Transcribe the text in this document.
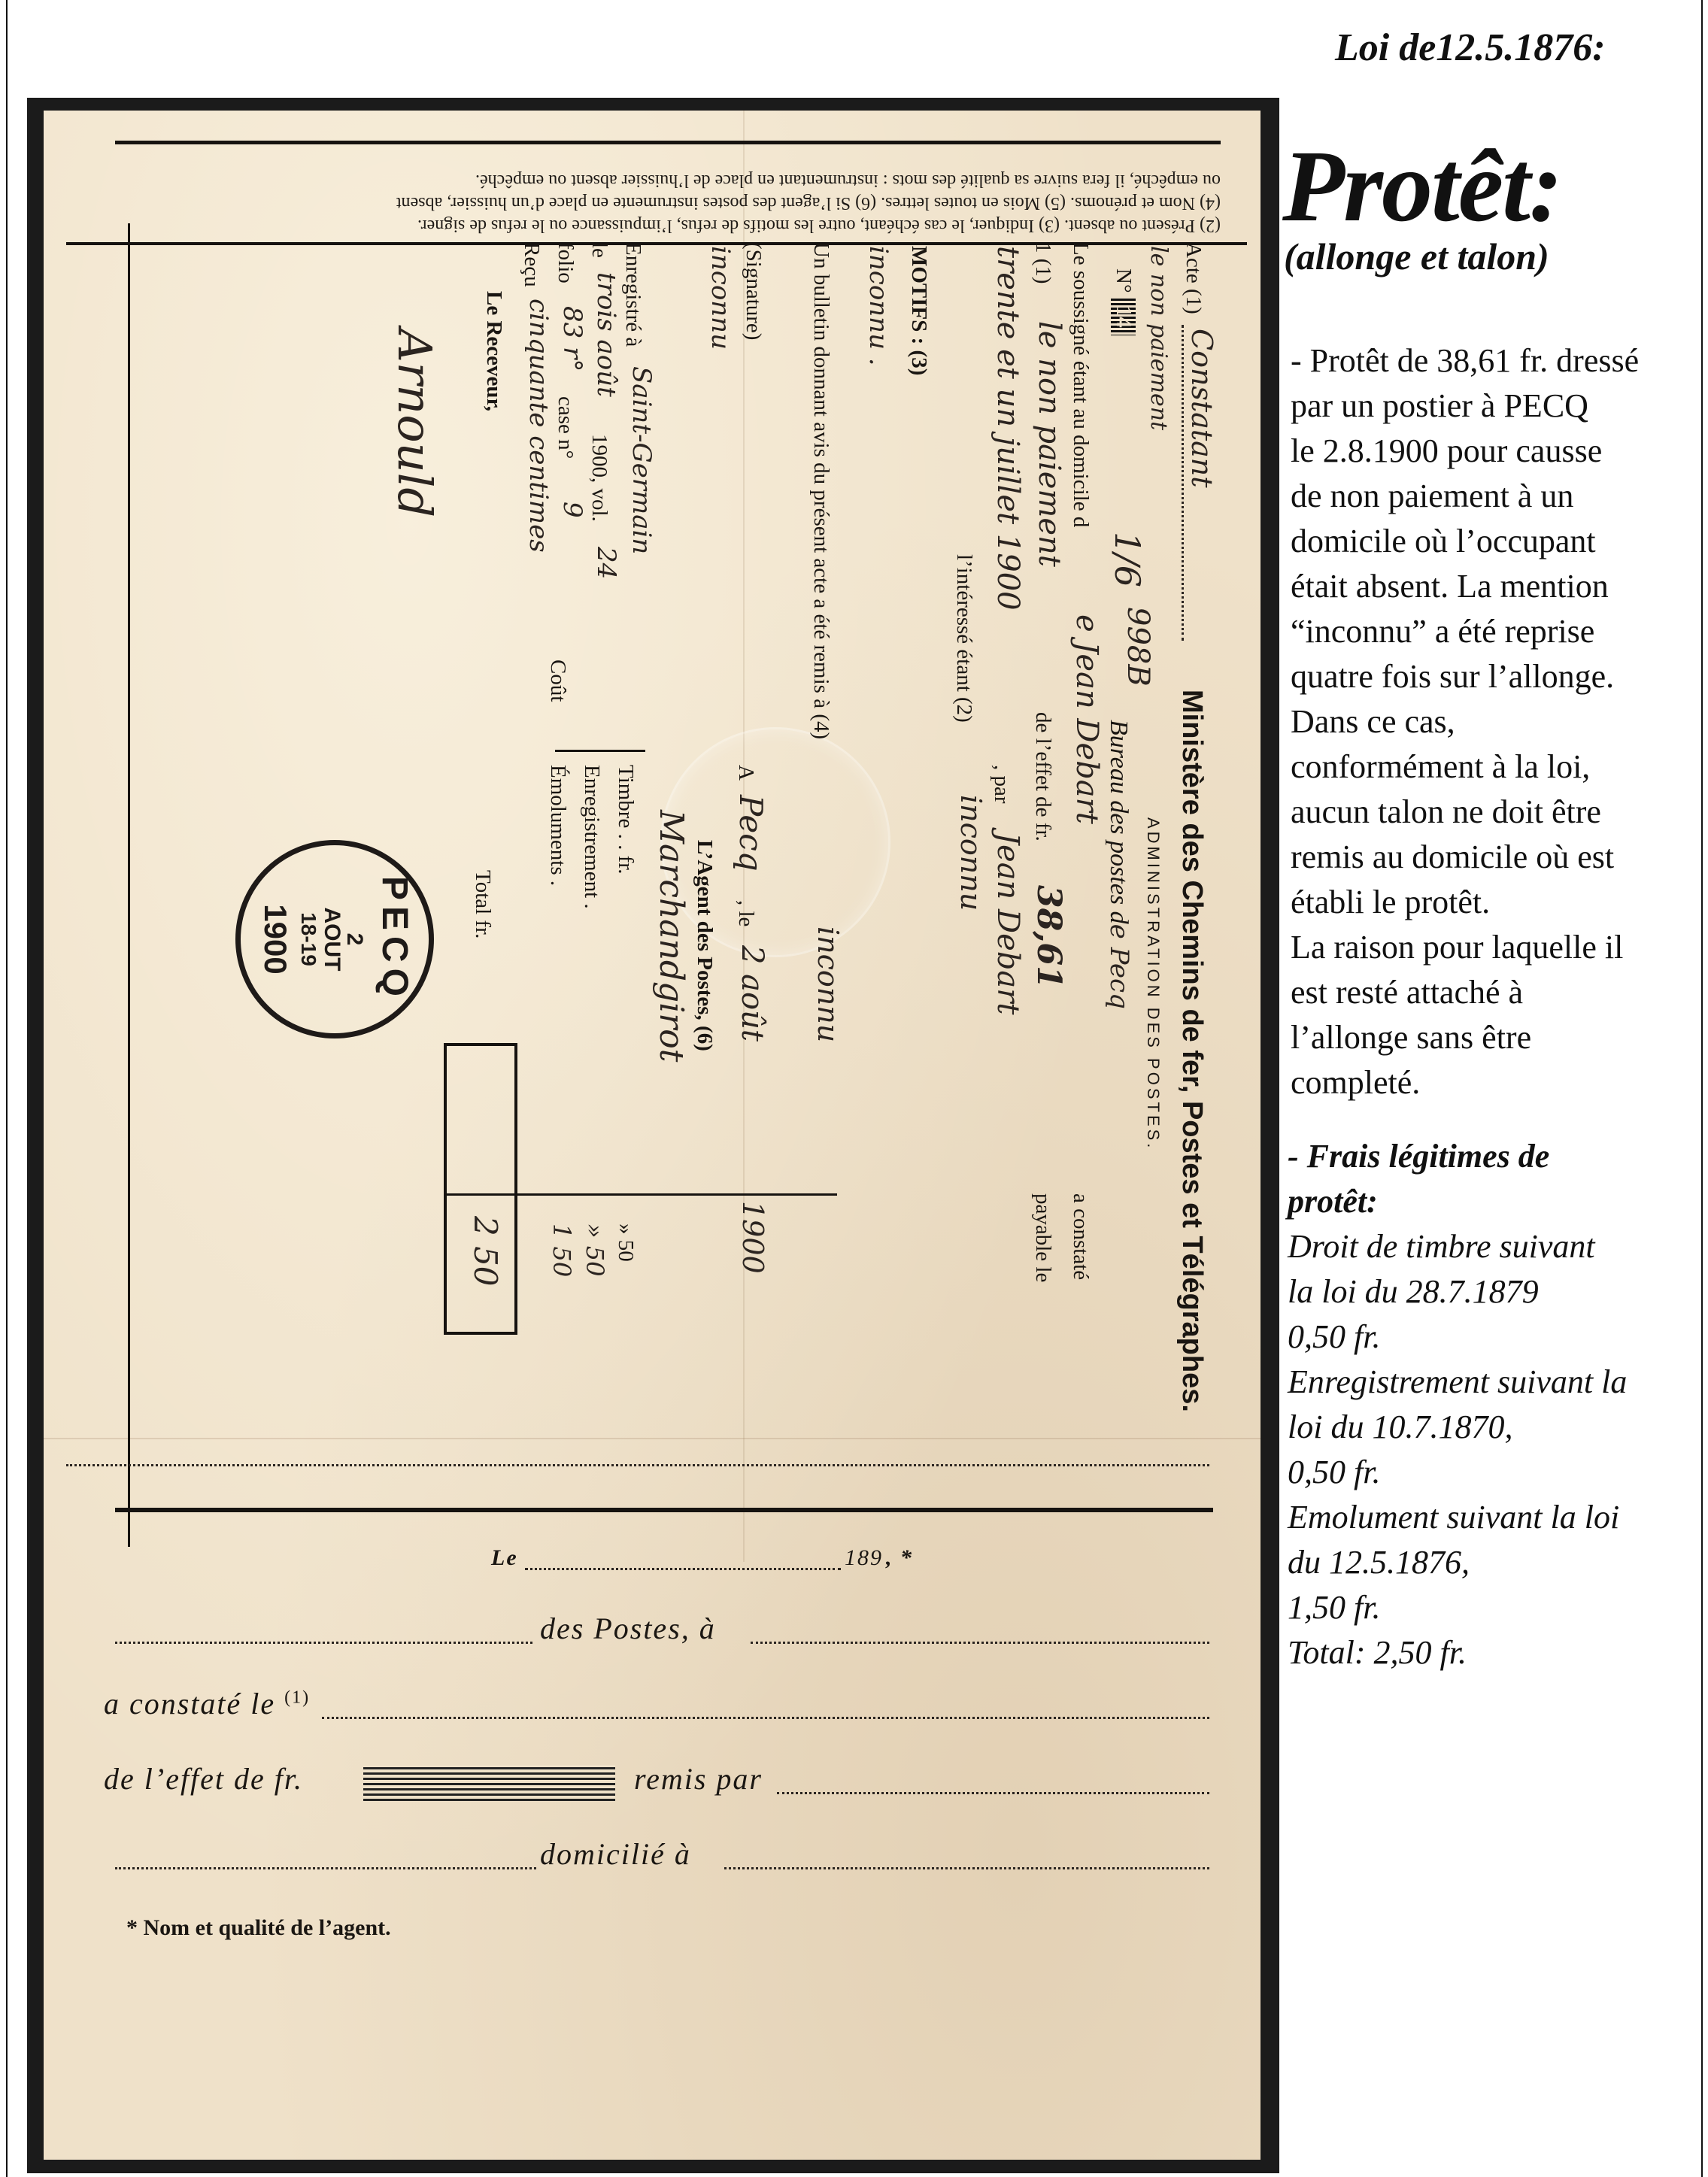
(2) Présent ou absent. (3) Indiquer, le cas échéant, outre les motifs de refus, l’impuissance ou le refus de signer.
(4) Nom et prénoms. (5) Mois en toutes lettres. (6) Si l’agent des postes instrumente en place d’un huissier, absent
ou empêché, il fera suivre sa qualité des mots : instrumentant en place de l’huissier absent ou empêché.
Ministère des Chemins de fer, Postes et Télégraphes.
ADMINISTRATION DES POSTES.
Acte (1)
Constatant
le non paiement
N° 14
1/6
998B
Bureau des postes de Pecq
Le soussigné étant au domicile d
e Jean Debart
a constaté
1 (1)
le non paiement
de l’effet de fr.
38,61
payable le
trente et un juillet 1900
, par
Jean Debart
l’intéressé étant (2)
inconnu
MOTIFS : (3)
inconnu .
Un bulletin donnant avis du présent acte a été remis à (4)
inconnu
(Signature)
inconnu
A
Pecq
, le
2 août
1900
L’Agent des Postes, (6)
Marchandgirot
Timbre . . fr.
» 50
Enregistrement .
» 50
Émoluments .
1 50
Coût
Total fr.
2 50
Enregistré à
Saint-Germain
le
trois août
1900, vol.
24
folio
83 r°
case n°
9
Reçu
cinquante centimes
Le Receveur,
Arnould
PECQ
2
AOUT
18-19
1900
Le	189 , *
des Postes, à
a constaté le $^{(1)}$
de l’effet de fr.	remis par
domicilié à
* Nom et qualité de l’agent.
Loi de12.5.1876:
Protêt:
(allonge et talon)

- Protêt de 38,61 fr. dressé

par un postier à PECQ

le 2.8.1900 pour causse

de non paiement à un

domicile où l’occupant

était absent. La mention

“inconnu” a été reprise

quatre fois sur l’allonge.

Dans ce cas,

conformément à la loi,

aucun talon ne doit être

remis au domicile où est

établi le protêt.

La raison pour laquelle il

est resté attaché à

l’allonge sans être

completé.

- Frais légitimes de

protêt:

Droit de timbre suivant

la loi du 28.7.1879

0,50 fr.

Enregistrement suivant la

loi du 10.7.1870,

0,50 fr.

Emolument suivant la loi

du 12.5.1876,

1,50 fr.

Total: 2,50 fr.
